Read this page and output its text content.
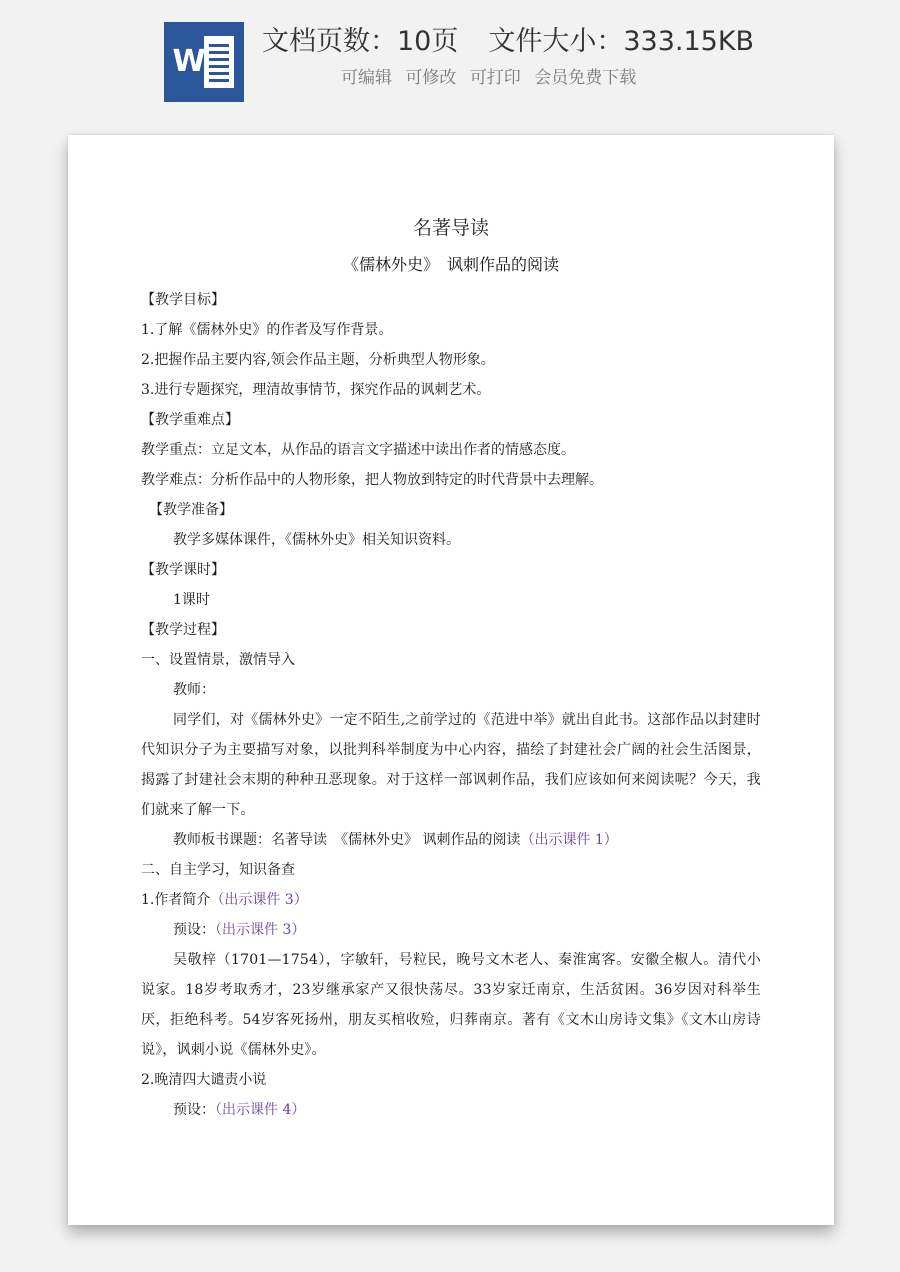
W
文档页数：10页 文件大小：333.15KB
可编辑 可修改 可打印 会员免费下载

名著导读

《儒林外史》　讽刺作品的阅读

【教学目标】

1.了解《儒林外史》的作者及写作背景。

2.把握作品主要内容,领会作品主题，分析典型人物形象。

3.进行专题探究，理清故事情节，探究作品的讽刺艺术。

【教学重难点】

教学重点：立足文本，从作品的语言文字描述中读出作者的情感态度。

教学难点：分析作品中的人物形象，把人物放到特定的时代背景中去理解。

【教学准备】

教学多媒体课件，《儒林外史》相关知识资料。

【教学课时】

1课时

【教学过程】

一、设置情景，激情导入

教师：

同学们，对《儒林外史》一定不陌生,之前学过的《范进中举》就出自此书。这部作品以封建时代知识分子为主要描写对象，以批判科举制度为中心内容，描绘了封建社会广阔的社会生活图景，揭露了封建社会末期的种种丑恶现象。对于这样一部讽刺作品，我们应该如何来阅读呢？今天，我们就来了解一下。

教师板书课题：名著导读　《儒林外史》 讽刺作品的阅读（出示课件 1）

二、自主学习，知识备查

1.作者简介（出示课件 3）

预设：（出示课件 3）

吴敬梓（1701—1754），字敏轩，号粒民，晚号文木老人、秦淮寓客。安徽全椒人。清代小说家。18岁考取秀才，23岁继承家产又很快荡尽。33岁家迁南京，生活贫困。36岁因对科举生厌，拒绝科考。54岁客死扬州，朋友买棺收殓，归葬南京。著有《文木山房诗文集》《文木山房诗说》，讽刺小说《儒林外史》。

2.晚清四大谴责小说

预设：（出示课件 4）
